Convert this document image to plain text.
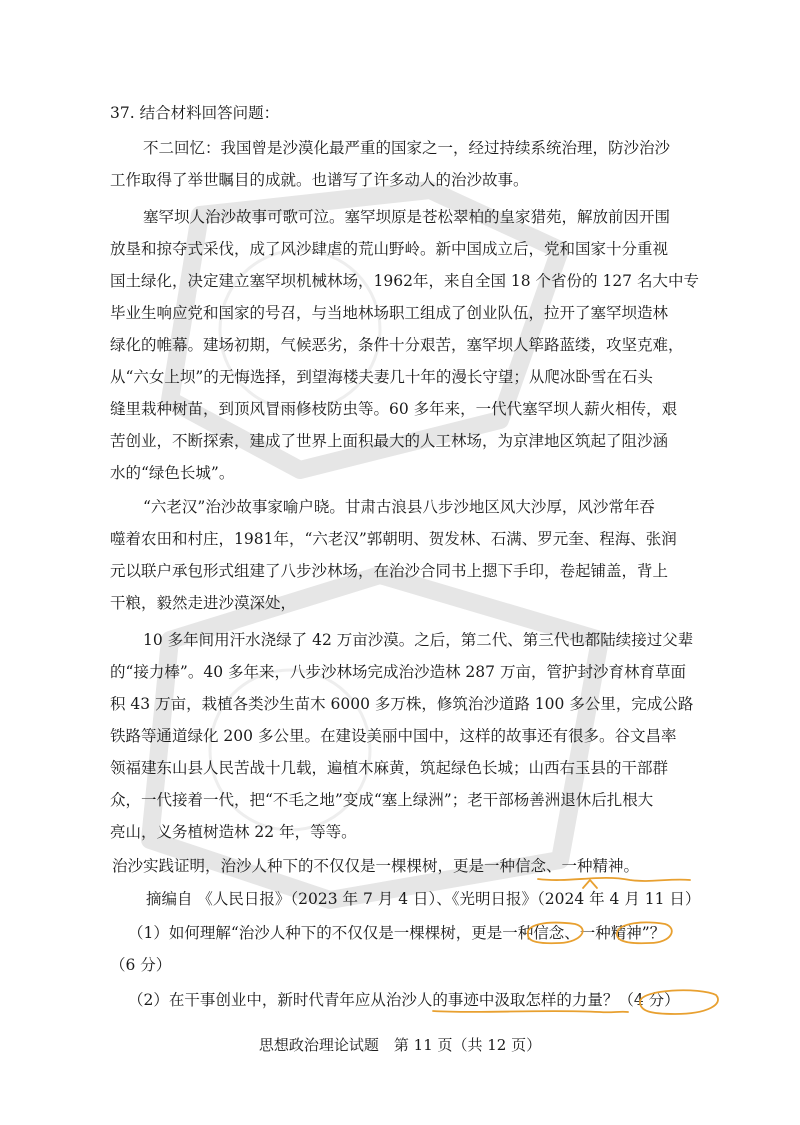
37. 结合材料回答问题：

不二回忆：我国曾是沙漠化最严重的国家之一，经过持续系统治理，防沙治沙

工作取得了举世瞩目的成就。也谱写了许多动人的治沙故事。

塞罕坝人治沙故事可歌可泣。塞罕坝原是苍松翠柏的皇家猎苑，解放前因开围

放垦和掠夺式采伐，成了风沙肆虐的荒山野岭。新中国成立后，党和国家十分重视

国土绿化，决定建立塞罕坝机械林场，1962年，来自全国 18 个省份的 127 名大中专

毕业生响应党和国家的号召，与当地林场职工组成了创业队伍，拉开了塞罕坝造林

绿化的帷幕。建场初期，气候恶劣，条件十分艰苦，塞罕坝人筚路蓝缕，攻坚克难，

从“六女上坝”的无悔选择，到望海楼夫妻几十年的漫长守望；从爬冰卧雪在石头

缝里栽种树苗，到顶风冒雨修枝防虫等。60 多年来，一代代塞罕坝人薪火相传，艰

苦创业，不断探索，建成了世界上面积最大的人工林场，为京津地区筑起了阻沙涵

水的“绿色长城”。

“六老汉”治沙故事家喻户晓。甘肃古浪县八步沙地区风大沙厚，风沙常年吞

噬着农田和村庄，1981年，“六老汉”郭朝明、贺发林、石满、罗元奎、程海、张润

元以联户承包形式组建了八步沙林场，在治沙合同书上摁下手印，卷起铺盖，背上

干粮，毅然走进沙漠深处，

10 多年间用汗水浇绿了 42 万亩沙漠。之后，第二代、第三代也都陆续接过父辈

的“接力棒”。40 多年来，八步沙林场完成治沙造林 287 万亩，管护封沙育林育草面

积 43 万亩，栽植各类沙生苗木 6000 多万株，修筑治沙道路 100 多公里，完成公路

铁路等通道绿化 200 多公里。在建设美丽中国中，这样的故事还有很多。谷文昌率

领福建东山县人民苦战十几载，遍植木麻黄，筑起绿色长城；山西右玉县的干部群

众，一代接着一代，把“不毛之地”变成“塞上绿洲”；老干部杨善洲退休后扎根大

亮山，义务植树造林 22 年，等等。

治沙实践证明，治沙人种下的不仅仅是一棵棵树，更是一种信念、一种精神。

摘编自 《人民日报》（2023 年 7 月 4 日）、《光明日报》（2024 年 4 月 11 日）

（1）如何理解“治沙人种下的不仅仅是一棵棵树，更是一种信念、一种精神”？

（6 分）

（2）在干事创业中，新时代青年应从治沙人的事迹中汲取怎样的力量？（4 分）

思想政治理论试题　第 11 页（共 12 页）
